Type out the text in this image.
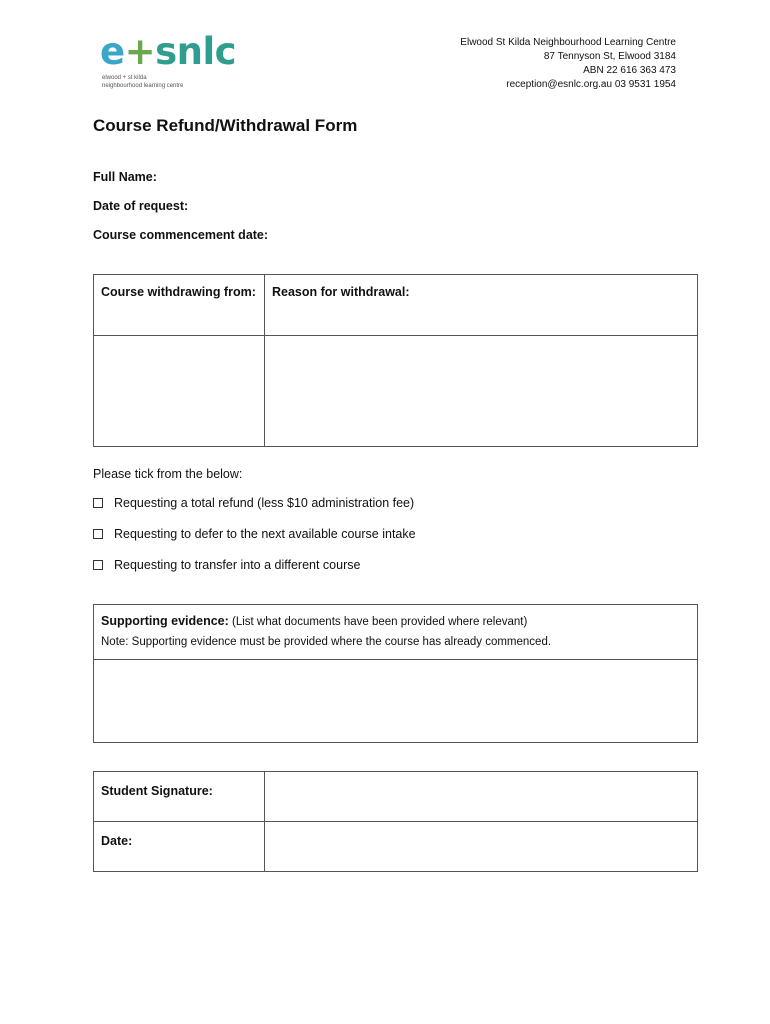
e+snlc
elwood + st kilda
neighbourhood learning centre
Elwood St Kilda Neighbourhood Learning Centre
87 Tennyson St, Elwood 3184
ABN 22 616 363 473
reception@esnlc.org.au 03 9531 1954
Course Refund/Withdrawal Form
Full Name:
Date of request:
Course commencement date:
Course withdrawing from:	Reason for withdrawal:

Please tick from the below:
Requesting a total refund (less $10 administration fee)
Requesting to defer to the next available course intake
Requesting to transfer into a different course
Supporting evidence: (List what documents have been provided where relevant)
Note: Supporting evidence must be provided where the course has already commenced.

Student Signature:	
Date:	
